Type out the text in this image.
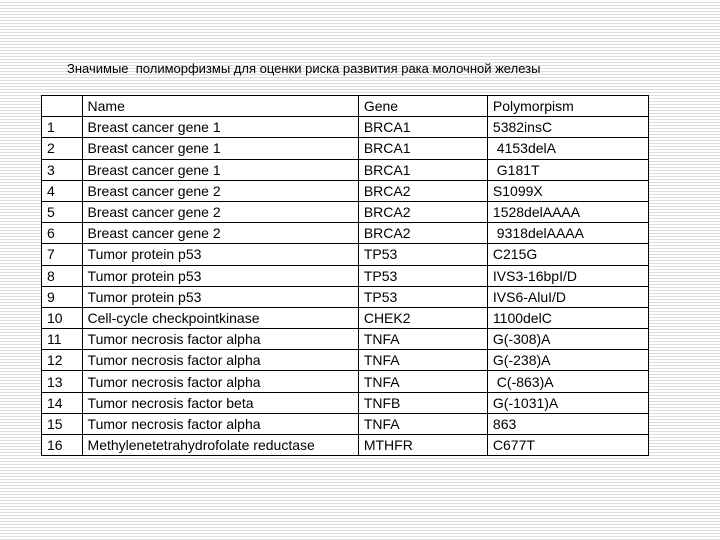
Значимые  полиморфизмы для оценки риска развития рака молочной железы

	Name	Gene	Polymorpism
1	Breast cancer gene 1	BRCA1	5382insC
2	Breast cancer gene 1	BRCA1	4153delA
3	Breast cancer gene 1	BRCA1	G181T
4	Breast cancer gene 2	BRCA2	S1099X
5	Breast cancer gene 2	BRCA2	1528delAAAA
6	Breast cancer gene 2	BRCA2	9318delAAAA
7	Tumor protein p53	TP53	C215G
8	Tumor protein p53	TP53	IVS3-16bpI/D
9	Tumor protein p53	TP53	IVS6-AluI/D
10	Cell-cycle checkpointkinase	CHEK2	1100delC
11	Tumor necrosis factor alpha	TNFA	G(-308)A
12	Tumor necrosis factor alpha	TNFA	G(-238)A
13	Tumor necrosis factor alpha	TNFA	C(-863)A
14	Tumor necrosis factor beta	TNFB	G(-1031)A
15	Tumor necrosis factor alpha	TNFA	863
16	Methylenetetrahydrofolate reductase	MTHFR	C677T
